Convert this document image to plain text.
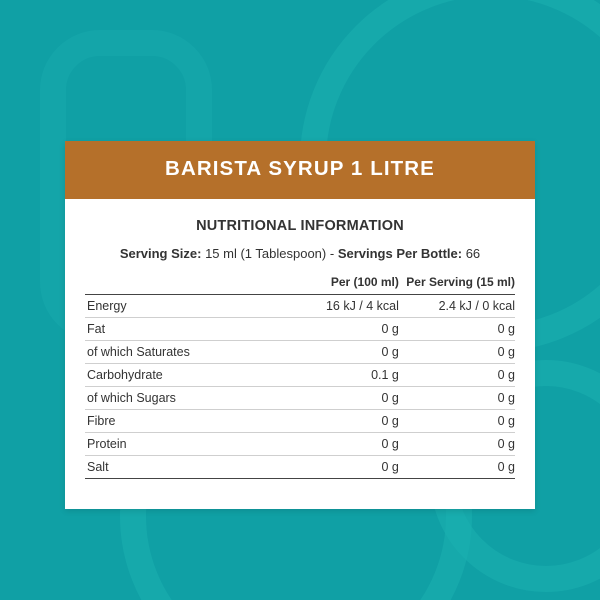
BARISTA SYRUP 1 LITRE
NUTRITIONAL INFORMATION
Serving Size: 15 ml (1 Tablespoon) - Servings Per Bottle: 66
	Per (100 ml)	Per Serving (15 ml)
Energy	16 kJ / 4 kcal	2.4 kJ / 0 kcal
Fat	0 g	0 g
of which Saturates	0 g	0 g
Carbohydrate	0.1 g	0 g
of which Sugars	0 g	0 g
Fibre	0 g	0 g
Protein	0 g	0 g
Salt	0 g	0 g
